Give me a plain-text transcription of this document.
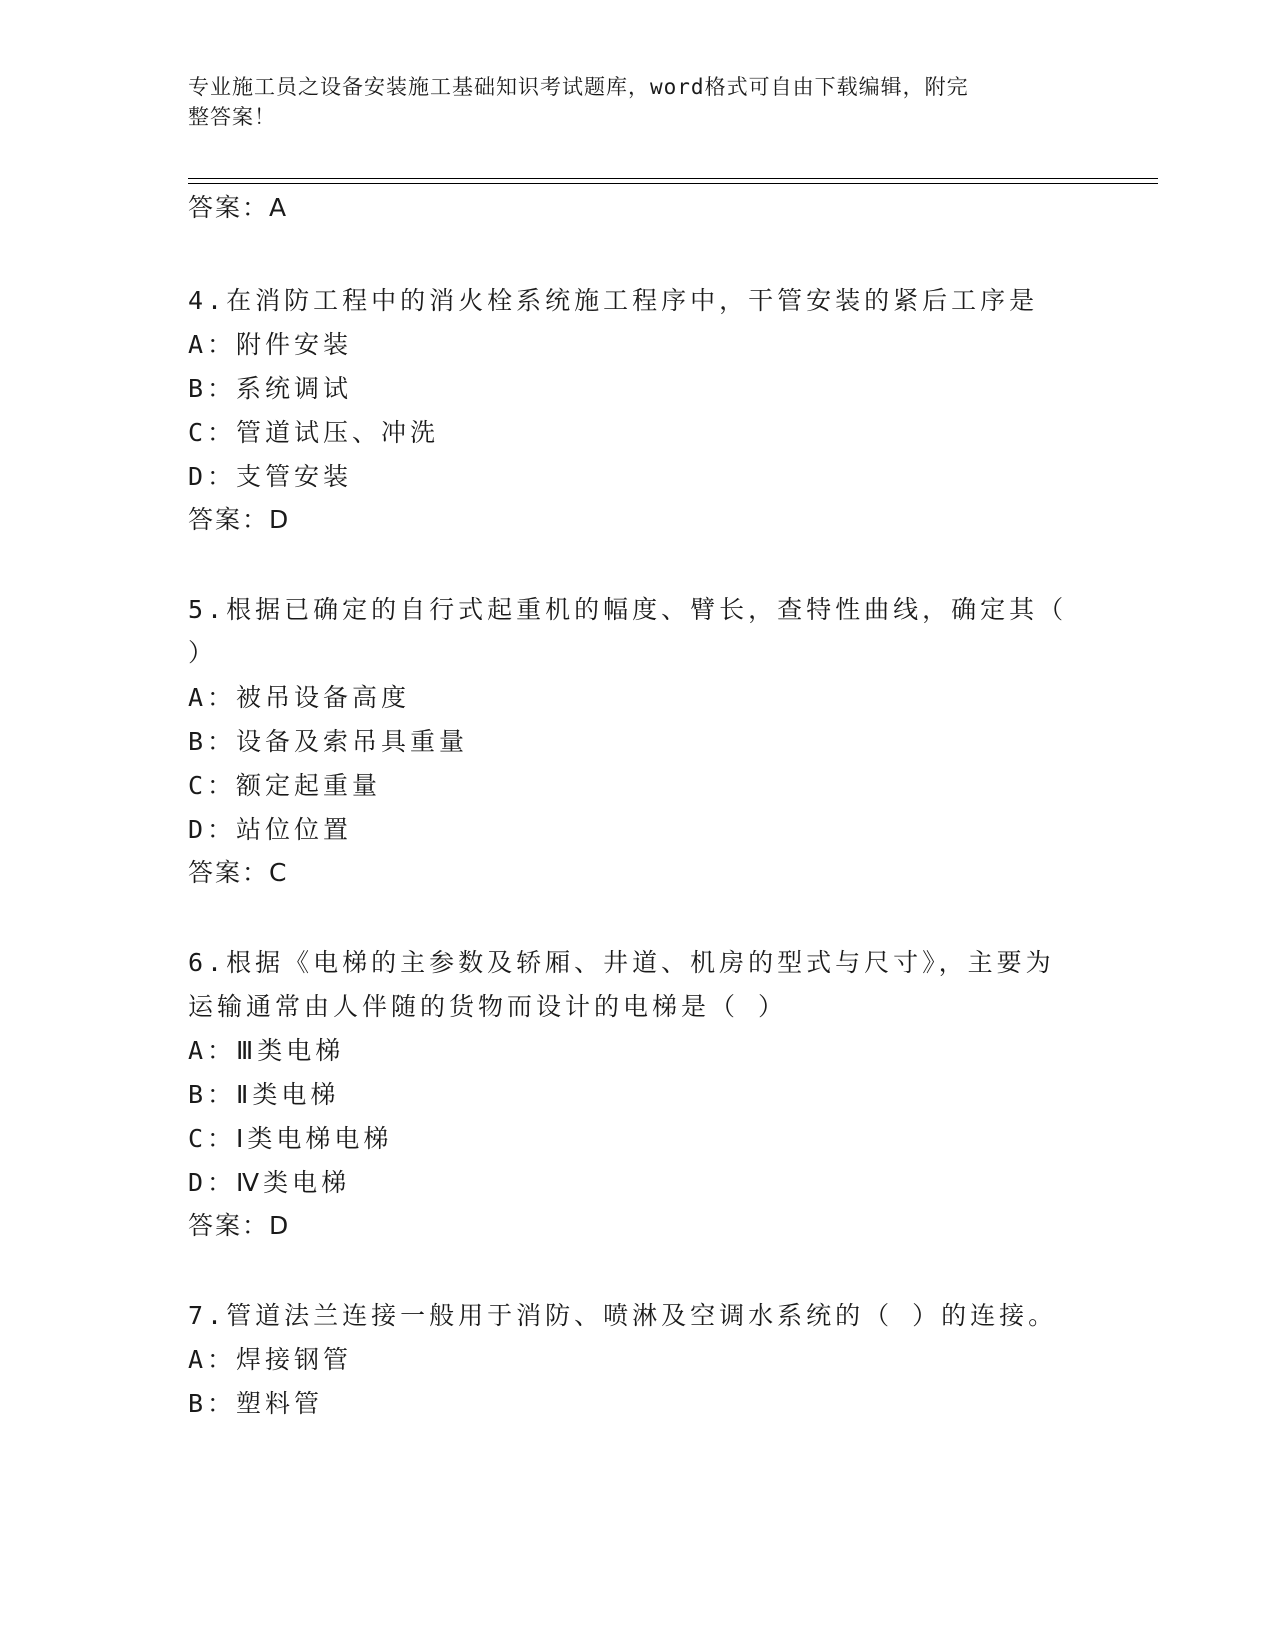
专业施工员之设备安装施工基础知识考试题库，word格式可自由下载编辑，附完
整答案！
答案：A
4.在消防工程中的消火栓系统施工程序中，干管安装的紧后工序是
A：附件安装
B：系统调试
C：管道试压、冲洗
D：支管安装
答案：D
5.根据已确定的自行式起重机的幅度、臂长，查特性曲线，确定其（
）
A：被吊设备高度
B：设备及索吊具重量
C：额定起重量
D：站位位置
答案：C
6.根据《电梯的主参数及轿厢、井道、机房的型式与尺寸》，主要为
运输通常由人伴随的货物而设计的电梯是（ ）
A：Ⅲ类电梯
B：Ⅱ类电梯
C：Ⅰ类电梯电梯
D：Ⅳ类电梯
答案：D
7.管道法兰连接一般用于消防、喷淋及空调水系统的（ ）的连接。
A：焊接钢管
B：塑料管
